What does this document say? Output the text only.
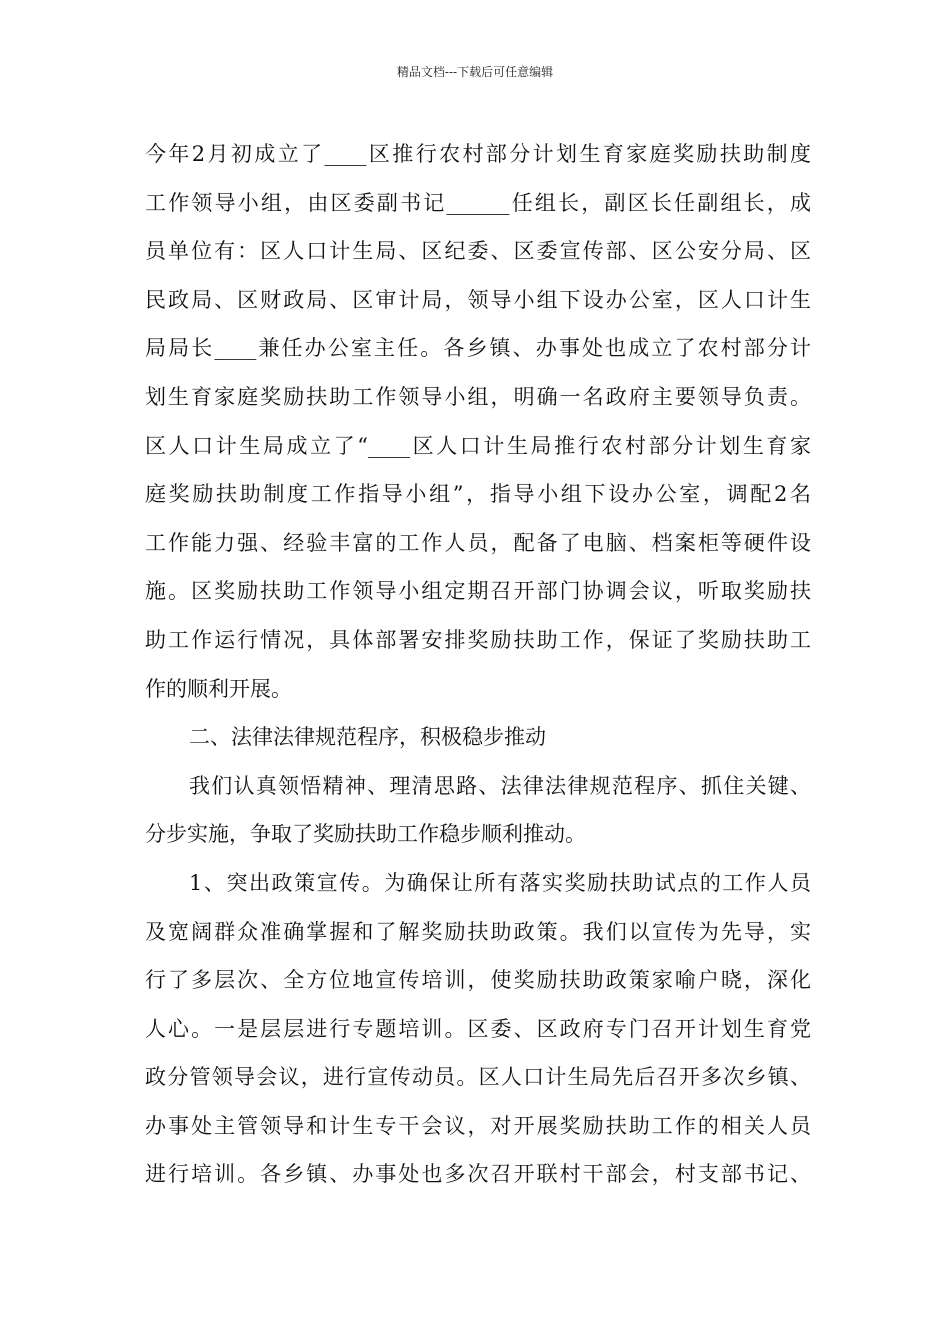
精品文档---下载后可任意编辑
今年2月初成立了____区推行农村部分计划生育家庭奖励扶助制度
工作领导小组，由区委副书记______任组长，副区长任副组长，成
员单位有：区人口计生局、区纪委、区委宣传部、区公安分局、区
民政局、区财政局、区审计局，领导小组下设办公室，区人口计生
局局长____兼任办公室主任。各乡镇、办事处也成立了农村部分计
划生育家庭奖励扶助工作领导小组，明确一名政府主要领导负责。
区人口计生局成立了“____区人口计生局推行农村部分计划生育家
庭奖励扶助制度工作指导小组”，指导小组下设办公室，调配2名
工作能力强、经验丰富的工作人员，配备了电脑、档案柜等硬件设
施。区奖励扶助工作领导小组定期召开部门协调会议，听取奖励扶
助工作运行情况，具体部署安排奖励扶助工作，保证了奖励扶助工
作的顺利开展。
二、法律法律规范程序，积极稳步推动
我们认真领悟精神、理清思路、法律法律规范程序、抓住关键、
分步实施，争取了奖励扶助工作稳步顺利推动。
1、突出政策宣传。为确保让所有落实奖励扶助试点的工作人员
及宽阔群众准确掌握和了解奖励扶助政策。我们以宣传为先导，实
行了多层次、全方位地宣传培训，使奖励扶助政策家喻户晓，深化
人心。一是层层进行专题培训。区委、区政府专门召开计划生育党
政分管领导会议，进行宣传动员。区人口计生局先后召开多次乡镇、
办事处主管领导和计生专干会议，对开展奖励扶助工作的相关人员
进行培训。各乡镇、办事处也多次召开联村干部会，村支部书记、
